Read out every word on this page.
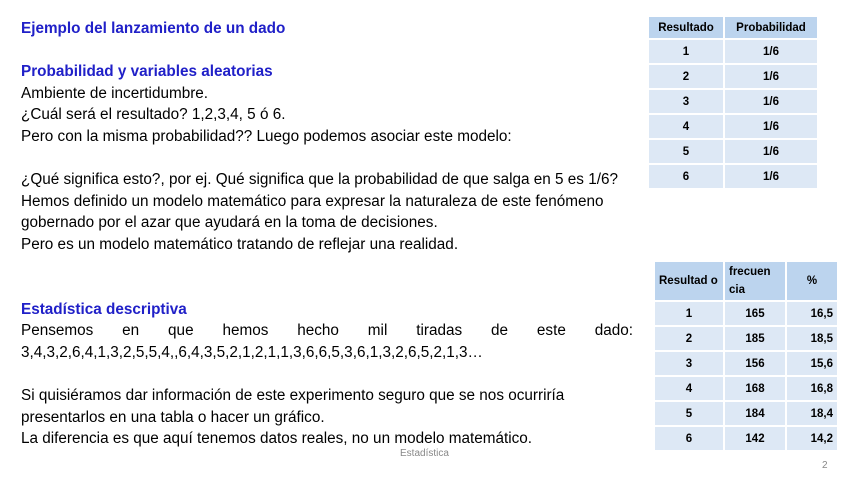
Ejemplo del lanzamiento de un dado
Probabilidad y variables aleatorias
Ambiente de incertidumbre.
¿Cuál será el resultado? 1,2,3,4, 5 ó 6.
Pero con la misma probabilidad?? Luego podemos asociar este modelo:
¿Qué significa esto?, por ej. Qué significa que la probabilidad de que salga en 5 es 1/6? Hemos definido un modelo matemático para expresar la naturaleza de este fenómeno gobernado por el azar que ayudará en la toma de decisiones.
Pero es un modelo matemático tratando de reflejar una realidad.
Estadística descriptiva
Pensemos en que hemos hecho mil tiradas de este dado:
3,4,3,2,6,4,1,3,2,5,5,4,,6,4,3,5,2,1,2,1,1,3,6,6,5,3,6,1,3,2,6,5,2,1,3…
Si quisiéramos dar información de este experimento seguro que se nos ocurriría presentarlos en una tabla o hacer un gráfico.
La diferencia es que aquí tenemos datos reales, no un modelo matemático.
Resultado	Probabilidad
1	1/6
2	1/6
3	1/6
4	1/6
5	1/6
6	1/6
Resultad o	frecuen cia	%
1	165	16,5
2	185	18,5
3	156	15,6
4	168	16,8
5	184	18,4
6	142	14,2
Estadística
2
